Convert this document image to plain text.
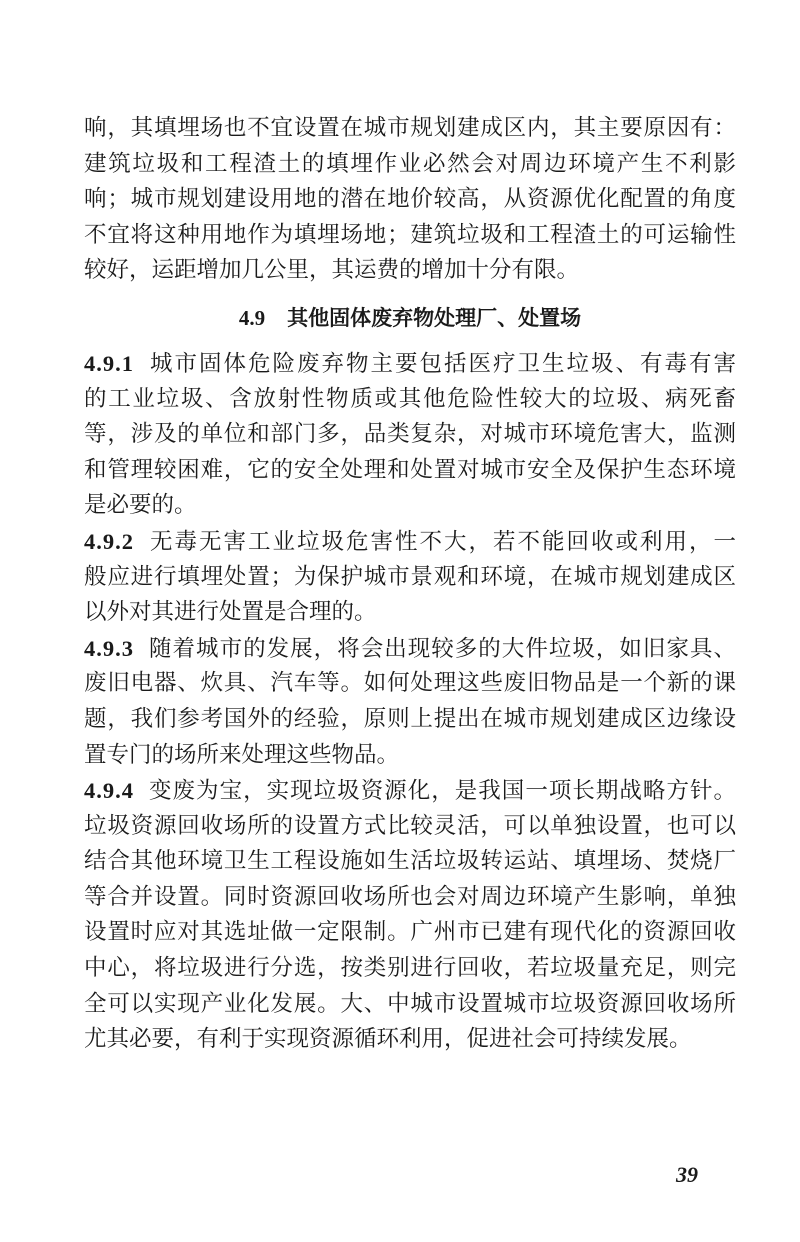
响，其填埋场也不宜设置在城市规划建成区内，其主要原因有：
建筑垃圾和工程渣土的填埋作业必然会对周边环境产生不利影
响；城市规划建设用地的潜在地价较高，从资源优化配置的角度
不宜将这种用地作为填埋场地；建筑垃圾和工程渣土的可运输性
较好，运距增加几公里，其运费的增加十分有限。
4.9 其他固体废弃物处理厂、处置场
4.9.1 城市固体危险废弃物主要包括医疗卫生垃圾、有毒有害
的工业垃圾、含放射性物质或其他危险性较大的垃圾、病死畜
等，涉及的单位和部门多，品类复杂，对城市环境危害大，监测
和管理较困难，它的安全处理和处置对城市安全及保护生态环境
是必要的。
4.9.2 无毒无害工业垃圾危害性不大，若不能回收或利用，一
般应进行填埋处置；为保护城市景观和环境，在城市规划建成区
以外对其进行处置是合理的。
4.9.3 随着城市的发展，将会出现较多的大件垃圾，如旧家具、
废旧电器、炊具、汽车等。如何处理这些废旧物品是一个新的课
题，我们参考国外的经验，原则上提出在城市规划建成区边缘设
置专门的场所来处理这些物品。
4.9.4 变废为宝，实现垃圾资源化，是我国一项长期战略方针。
垃圾资源回收场所的设置方式比较灵活，可以单独设置，也可以
结合其他环境卫生工程设施如生活垃圾转运站、填埋场、焚烧厂
等合并设置。同时资源回收场所也会对周边环境产生影响，单独
设置时应对其选址做一定限制。广州市已建有现代化的资源回收
中心，将垃圾进行分选，按类别进行回收，若垃圾量充足，则完
全可以实现产业化发展。大、中城市设置城市垃圾资源回收场所
尤其必要，有利于实现资源循环利用，促进社会可持续发展。
39
